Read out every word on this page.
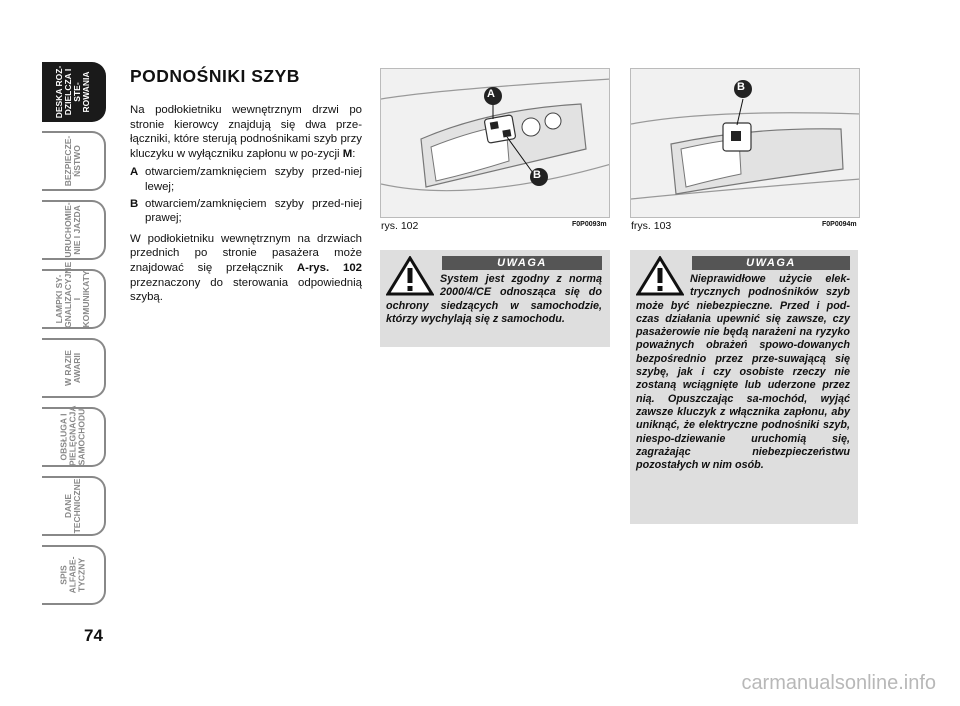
DESKA ROZ-
DZIELCZA I STE-
ROWANIA
BEZPIECZE-
ŃSTWO
URUCHOMIE-
NIE I JAZDA
LAMPKI SY-
GNALIZACYJNE
I KOMUNIKATY
W RAZIE
AWARII
OBSŁUGA I
PIELĘGNACJA
SAMOCHODU
DANE
TECHNICZNE
SPIS ALFABE-
TYCZNY
74
PODNOŚNIKI SZYB

Na podłokietniku wewnętrznym drzwi po stronie kierowcy znajdują się dwa prze-łączniki, które sterują podnośnikami szyb przy kluczyku w wyłączniku zapłonu w po-zycji M:

A otwarciem/zamknięciem szyby przed-niej lewej;
B otwarciem/zamknięciem szyby przed-niej prawej;

W podłokietniku wewnętrznym na drzwiach przednich po stronie pasażera może znajdować się przełącznik A-rys. 102 przeznaczony do sterowania odpowiednią szybą.

A
B
rys. 102	F0P0093m
B
frys. 103	F0P0094m
UWAGA
System jest zgodny z normą 2000/4/CE odnosząca się do ochrony siedzących w samochodzie, którzy wychylają się z samochodu.
UWAGA
Nieprawidłowe użycie elek-trycznych podnośników szyb może być niebezpieczne. Przed i pod-czas działania upewnić się zawsze, czy pasażerowie nie będą narażeni na ryzyko poważnych obrażeń spowo-dowanych bezpośrednio przez prze-suwającą się szybę, jak i czy osobiste rzeczy nie zostaną wciągnięte lub uderzone przez nią. Opuszczając sa-mochód, wyjąć zawsze kluczyk z włącznika zapłonu, aby uniknąć, że elektryczne podnośniki szyb, niespo-dziewanie uruchomią się, zagrażając niebezpieczeństwu pozostałych w nim osób.
carmanualsonline.info
